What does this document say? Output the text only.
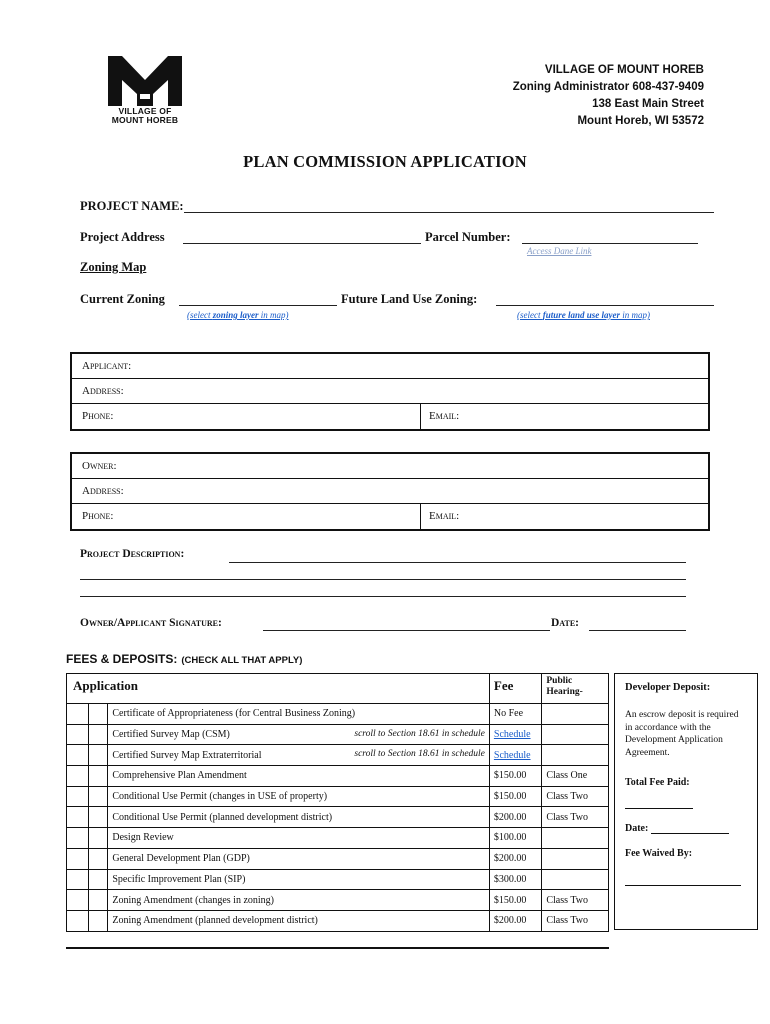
VILLAGE OF
MOUNT HOREB
VILLAGE OF MOUNT HOREB
Zoning Administrator 608-437-9409
138 East Main Street
Mount Horeb, WI 53572
PLAN COMMISSION APPLICATION
PROJECT NAME:
Project Address	Parcel Number:
Access Dane Link
Zoning Map
Current Zoning	Future Land Use Zoning:
(select zoning layer in map)	(select future land use layer in map)
Applicant:
Address:
Phone:	Email:
Owner:
Address:
Phone:	Email:
Project Description:
Owner/Applicant Signature:	Date:
FEES & DEPOSITS: (CHECK ALL THAT APPLY)
Application			Fee	Public
Hearing-

		Certificate of Appropriateness (for Central Business Zoning)	No Fee	
		Certified Survey Map (CSM) scroll to Section 18.61 in schedule	Schedule	
		Certified Survey Map Extraterritorial scroll to Section 18.61 in schedule	Schedule	
		Comprehensive Plan Amendment	$150.00	Class One
		Conditional Use Permit (changes in USE of property)	$150.00	Class Two
		Conditional Use Permit (planned development district)	$200.00	Class Two
		Design Review	$100.00	
		General Development Plan (GDP)	$200.00	
		Specific Improvement Plan (SIP)	$300.00	
		Zoning Amendment (changes in zoning)	$150.00	Class Two
		Zoning Amendment (planned development district)	$200.00	Class Two
Developer Deposit:
An escrow deposit is required in accordance with the Development Application Agreement.
Total Fee Paid:
Date:
Fee Waived By:
